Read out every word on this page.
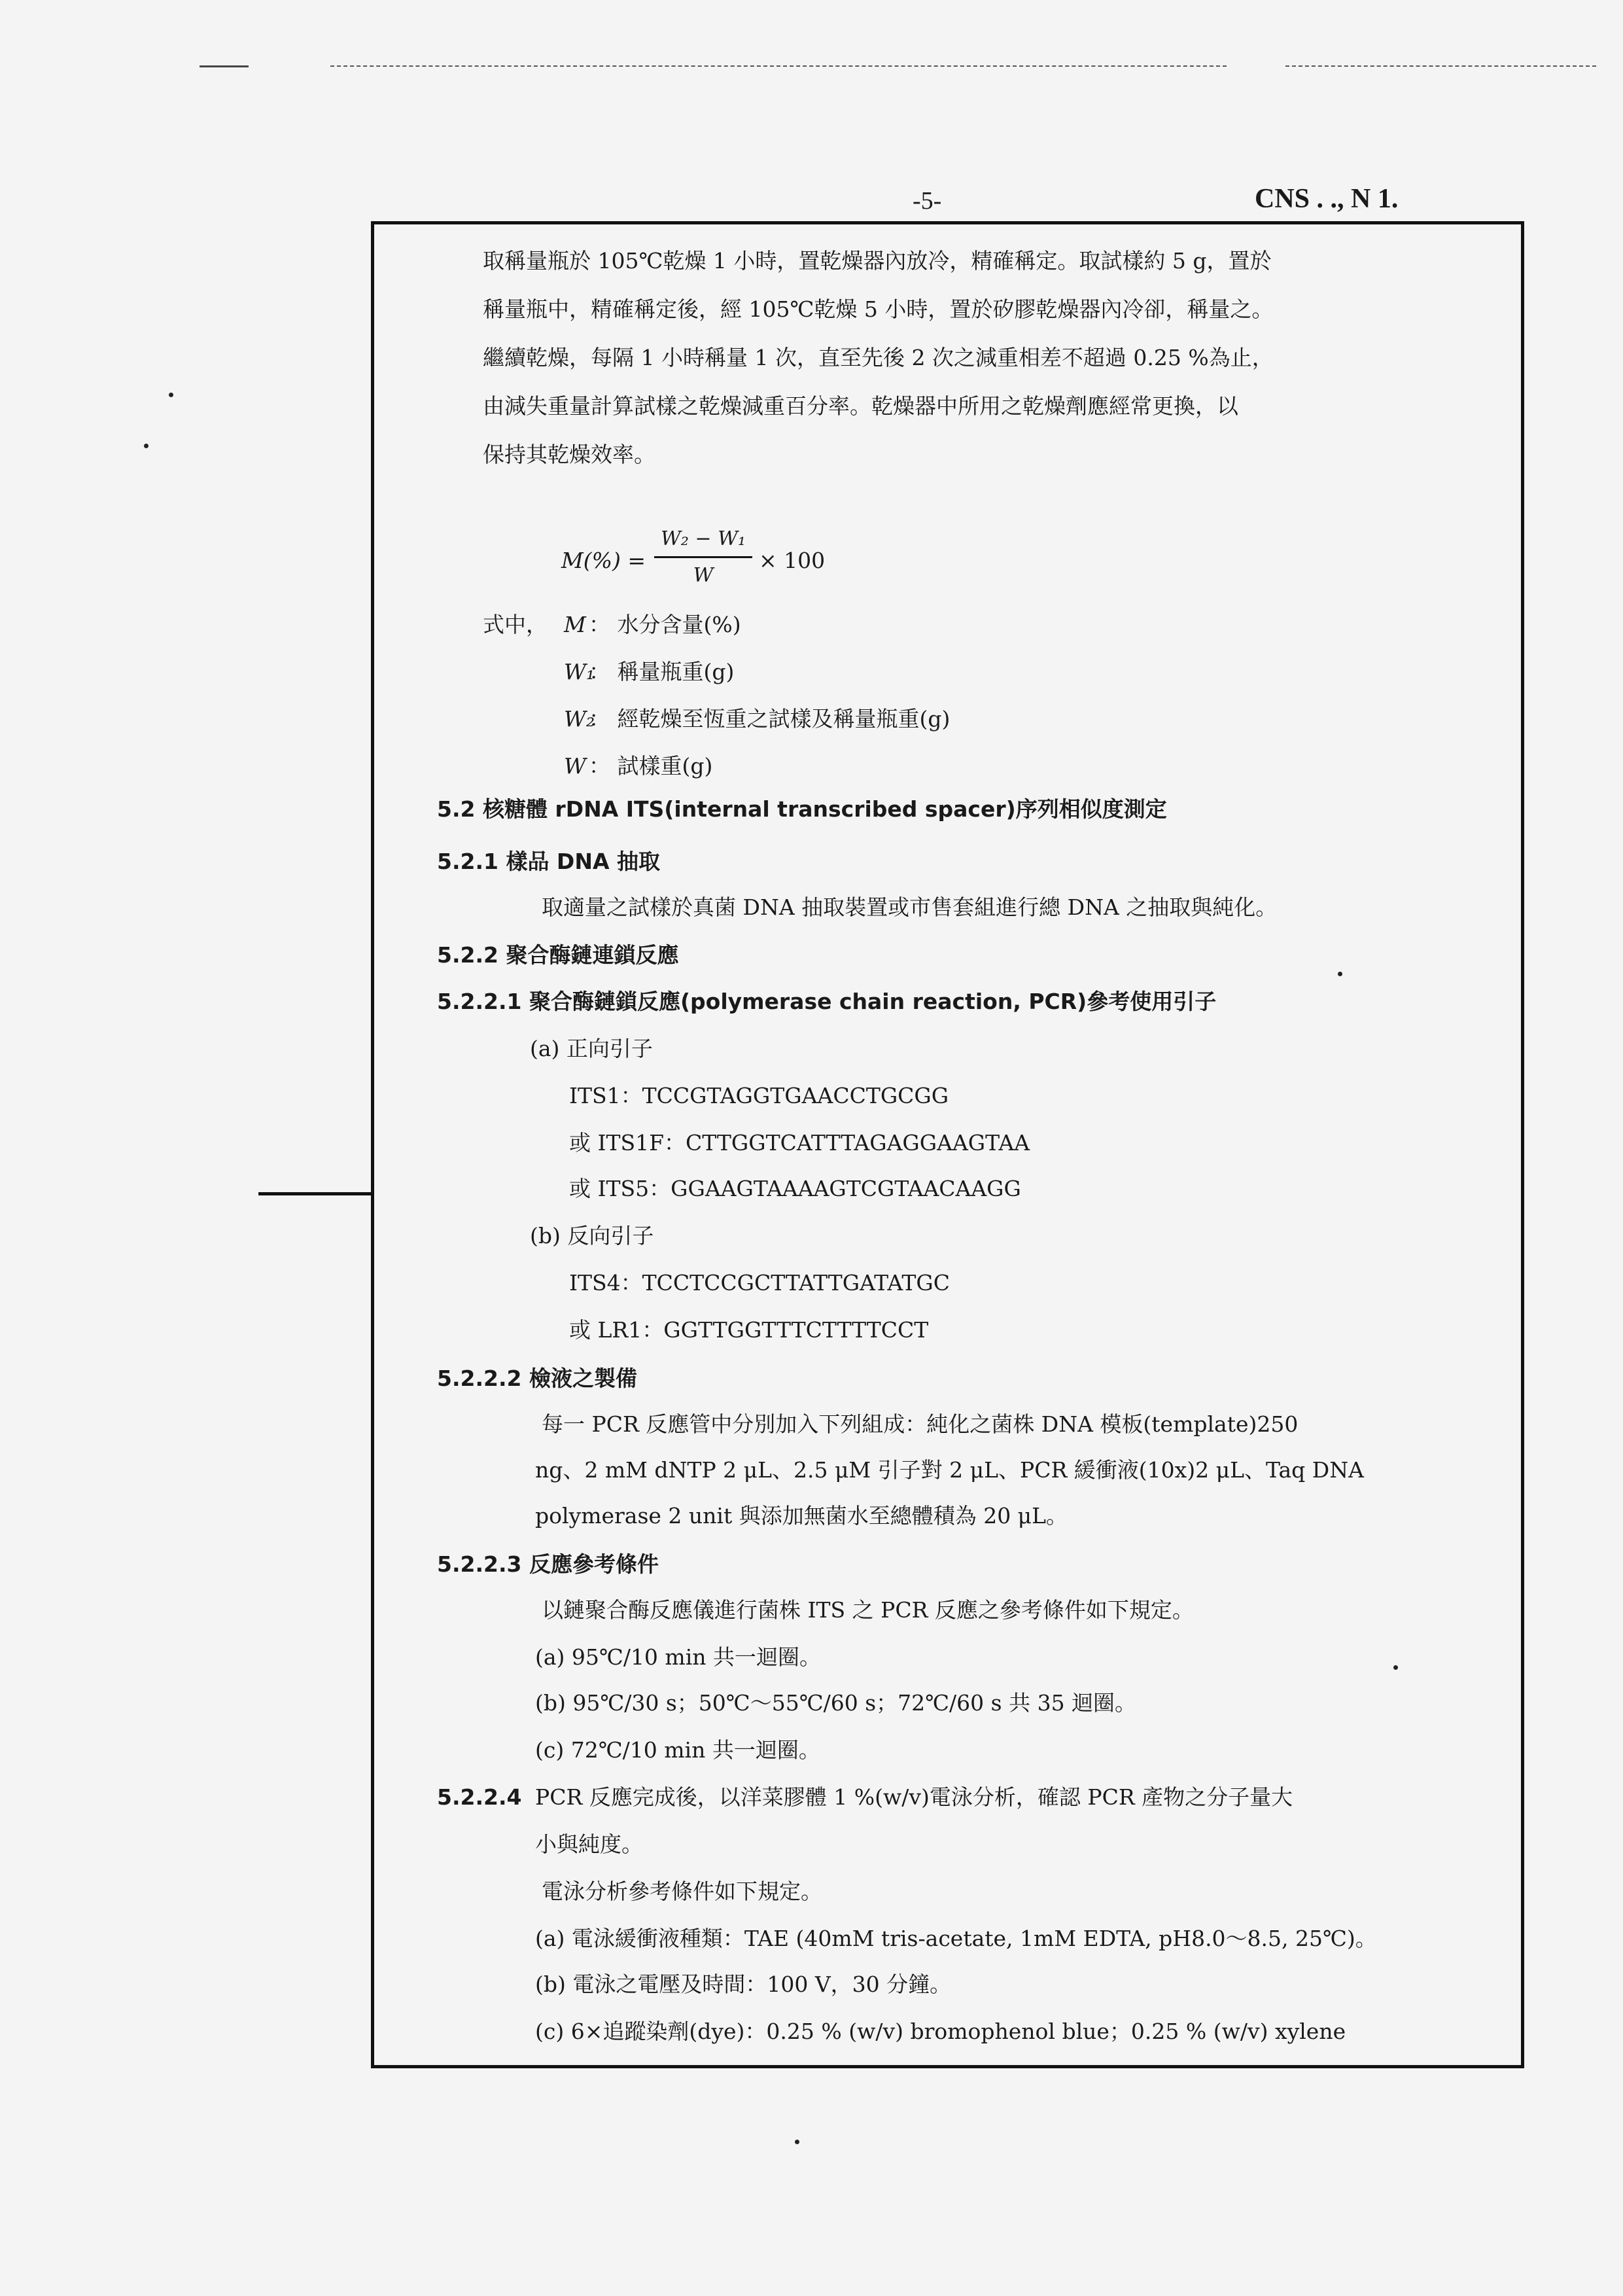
-5-	CNS . ., N 1.
取稱量瓶於 105℃乾燥 1 小時，置乾燥器內放冷，精確稱定。取試樣約 5 g，置於
稱量瓶中，精確稱定後，經 105℃乾燥 5 小時，置於矽膠乾燥器內冷卻，稱量之。
繼續乾燥，每隔 1 小時稱量 1 次，直至先後 2 次之減重相差不超過 0.25 %為止，
由減失重量計算試樣之乾燥減重百分率。乾燥器中所用之乾燥劑應經常更換，以
保持其乾燥效率。
M(%) =
W₂ − W₁
W
× 100
式中， M ： 水分含量(%)
W₁
： 稱量瓶重(g)
W₂
： 經乾燥至恆重之試樣及稱量瓶重(g)
W ： 試樣重(g)
5.2 核糖體 rDNA ITS(internal transcribed spacer)序列相似度測定
5.2.1 樣品 DNA 抽取
取適量之試樣於真菌 DNA 抽取裝置或市售套組進行總 DNA 之抽取與純化。
5.2.2 聚合酶鏈連鎖反應
5.2.2.1 聚合酶鏈鎖反應(polymerase chain reaction, PCR)參考使用引子
(a) 正向引子
ITS1：TCCGTAGGTGAACCTGCGG
或 ITS1F：CTTGGTCATTTAGAGGAAGTAA
或 ITS5：GGAAGTAAAAGTCGTAACAAGG
(b) 反向引子
ITS4：TCCTCCGCTTATTGATATGC
或 LR1：GGTTGGTTTCTTTTCCT
5.2.2.2 檢液之製備
每一 PCR 反應管中分別加入下列組成：純化之菌株 DNA 模板(template)250
ng、2 mM dNTP 2 μL、2.5 μM 引子對 2 μL、PCR 緩衝液(10x)2 μL、Taq DNA
polymerase 2 unit 與添加無菌水至總體積為 20 μL。
5.2.2.3 反應參考條件
以鏈聚合酶反應儀進行菌株 ITS 之 PCR 反應之參考條件如下規定。
(a) 95℃/10 min 共一迴圈。
(b) 95℃/30 s；50℃～55℃/60 s；72℃/60 s 共 35 迴圈。
(c) 72℃/10 min 共一迴圈。
5.2.2.4 PCR 反應完成後，以洋菜膠體 1 %(w/v)電泳分析，確認 PCR 產物之分子量大
小與純度。
電泳分析參考條件如下規定。
(a) 電泳緩衝液種類：TAE (40mM tris-acetate, 1mM EDTA, pH8.0～8.5, 25℃)。
(b) 電泳之電壓及時間：100 V，30 分鐘。
(c) 6×追蹤染劑(dye)：0.25 % (w/v) bromophenol blue；0.25 % (w/v) xylene
